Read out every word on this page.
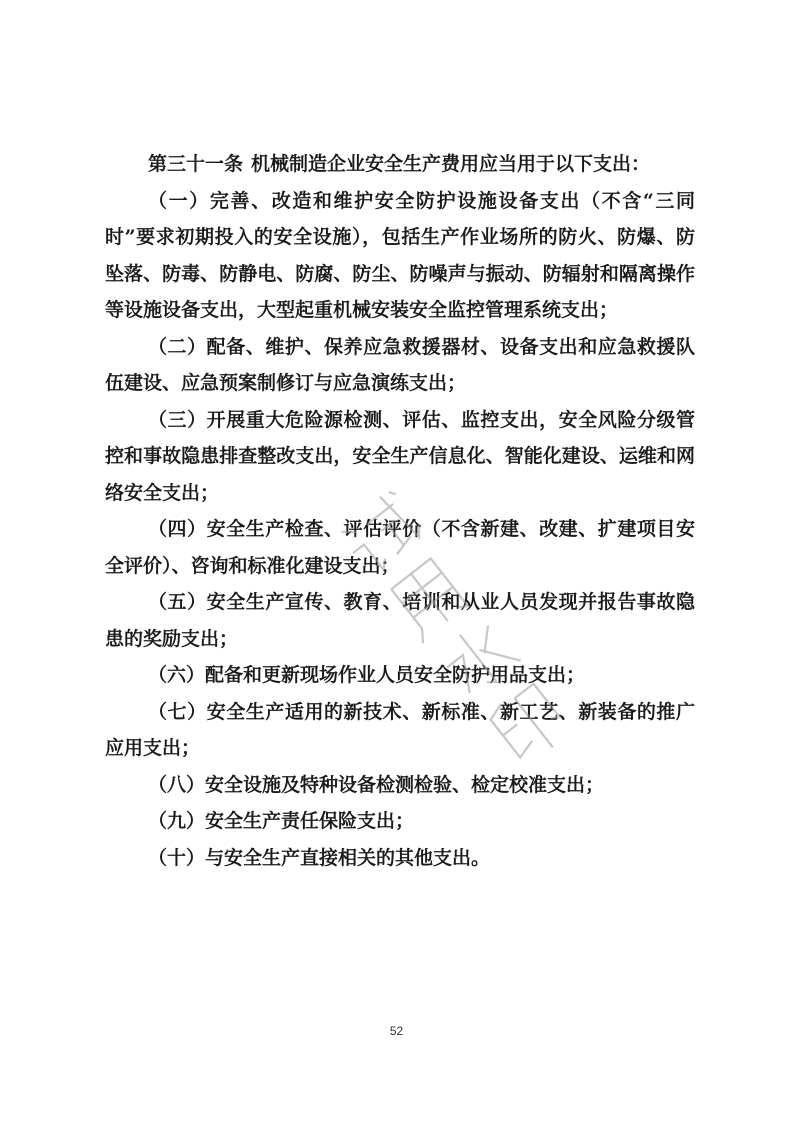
第三十一条 机械制造企业安全生产费用应当用于以下支出：

（一）完善、改造和维护安全防护设施设备支出（不含“三同时”要求初期投入的安全设施），包括生产作业场所的防火、防爆、防坠落、防毒、防静电、防腐、防尘、防噪声与振动、防辐射和隔离操作等设施设备支出，大型起重机械安装安全监控管理系统支出；

（二）配备、维护、保养应急救援器材、设备支出和应急救援队伍建设、应急预案制修订与应急演练支出；

（三）开展重大危险源检测、评估、监控支出，安全风险分级管控和事故隐患排查整改支出，安全生产信息化、智能化建设、运维和网络安全支出；

（四）安全生产检查、评估评价（不含新建、改建、扩建项目安全评价）、咨询和标准化建设支出；

（五）安全生产宣传、教育、培训和从业人员发现并报告事故隐患的奖励支出；

（六）配备和更新现场作业人员安全防护用品支出；

（七）安全生产适用的新技术、新标准、新工艺、新装备的推广应用支出；

（八）安全设施及特种设备检测检验、检定校准支出；

（九）安全生产责任保险支出；

（十）与安全生产直接相关的其他支出。

52
